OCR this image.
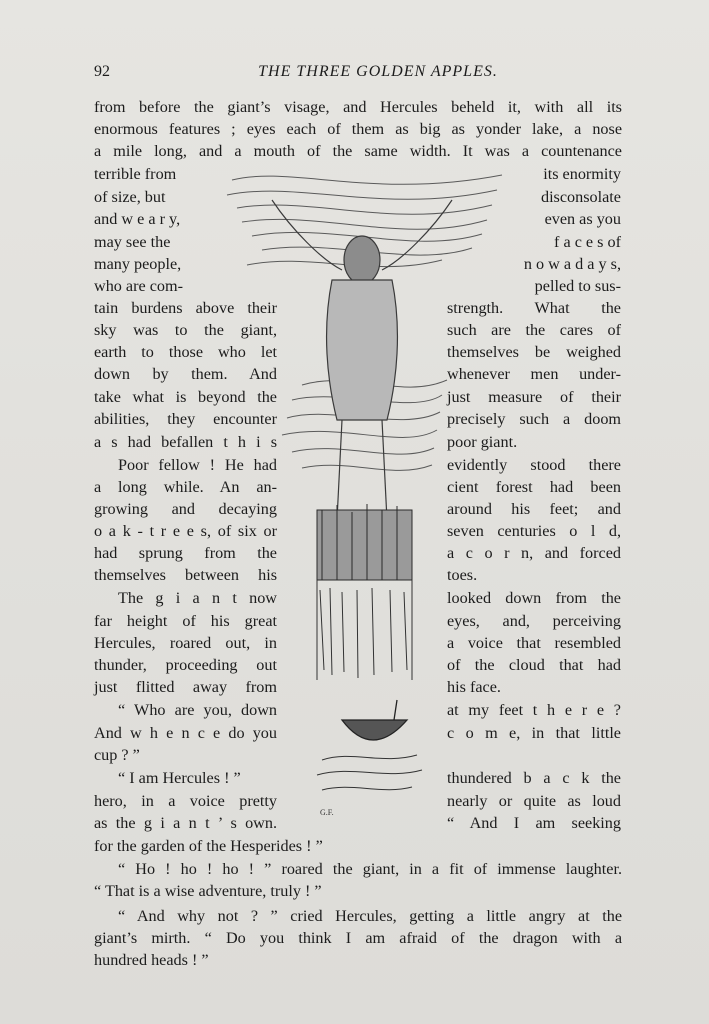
92	THE THREE GOLDEN APPLES.
from before the giant’s visage, and Hercules beheld it, with all its
enormous features ; eyes each of them as big as yonder lake, a nose
a mile long, and a mouth of the same width. It was a countenance
terrible from
of size, but
and w e a r y,
may see the
many people,
who are com-
tain burdens above their
sky was to the giant,
earth to those who let
down by them. And
take what is beyond the
abilities, they encounter
a s had befallen t h i s
Poor fellow ! He had
a long while. An an-
growing and decaying
o a k - t r e e s, of six or
had sprung from the
themselves between his
The g i a n t now
far height of his great
Hercules, roared out, in
thunder, proceeding out
just flitted away from
“ Who are you, down
And w h e n c e do you
cup ? ”
“ I am Hercules ! ”
hero, in a voice pretty
as the g i a n t ’ s own.
its enormity
disconsolate
even as you
f a c e s of
n o w a d a y s,
pelled to sus-
strength. What the
such are the cares of
themselves be weighed
whenever men under-
just measure of their
precisely such a doom
poor giant.
evidently stood there
cient forest had been
around his feet; and
seven centuries o l d,
a c o r n, and forced
toes.
looked down from the
eyes, and, perceiving
a voice that resembled
of the cloud that had
his face.
at my feet t h e r e ?
c o m e, in that little
thundered b a c k the
nearly or quite as loud
“ And I am seeking
for the garden of the Hesperides ! ”
“ Ho ! ho ! ho ! ” roared the giant, in a fit of immense laughter.
“ That is a wise adventure, truly ! ”
“ And why not ? ” cried Hercules, getting a little angry at the
giant’s mirth. “ Do you think I am afraid of the dragon with a
hundred heads ! ”
G.F.
